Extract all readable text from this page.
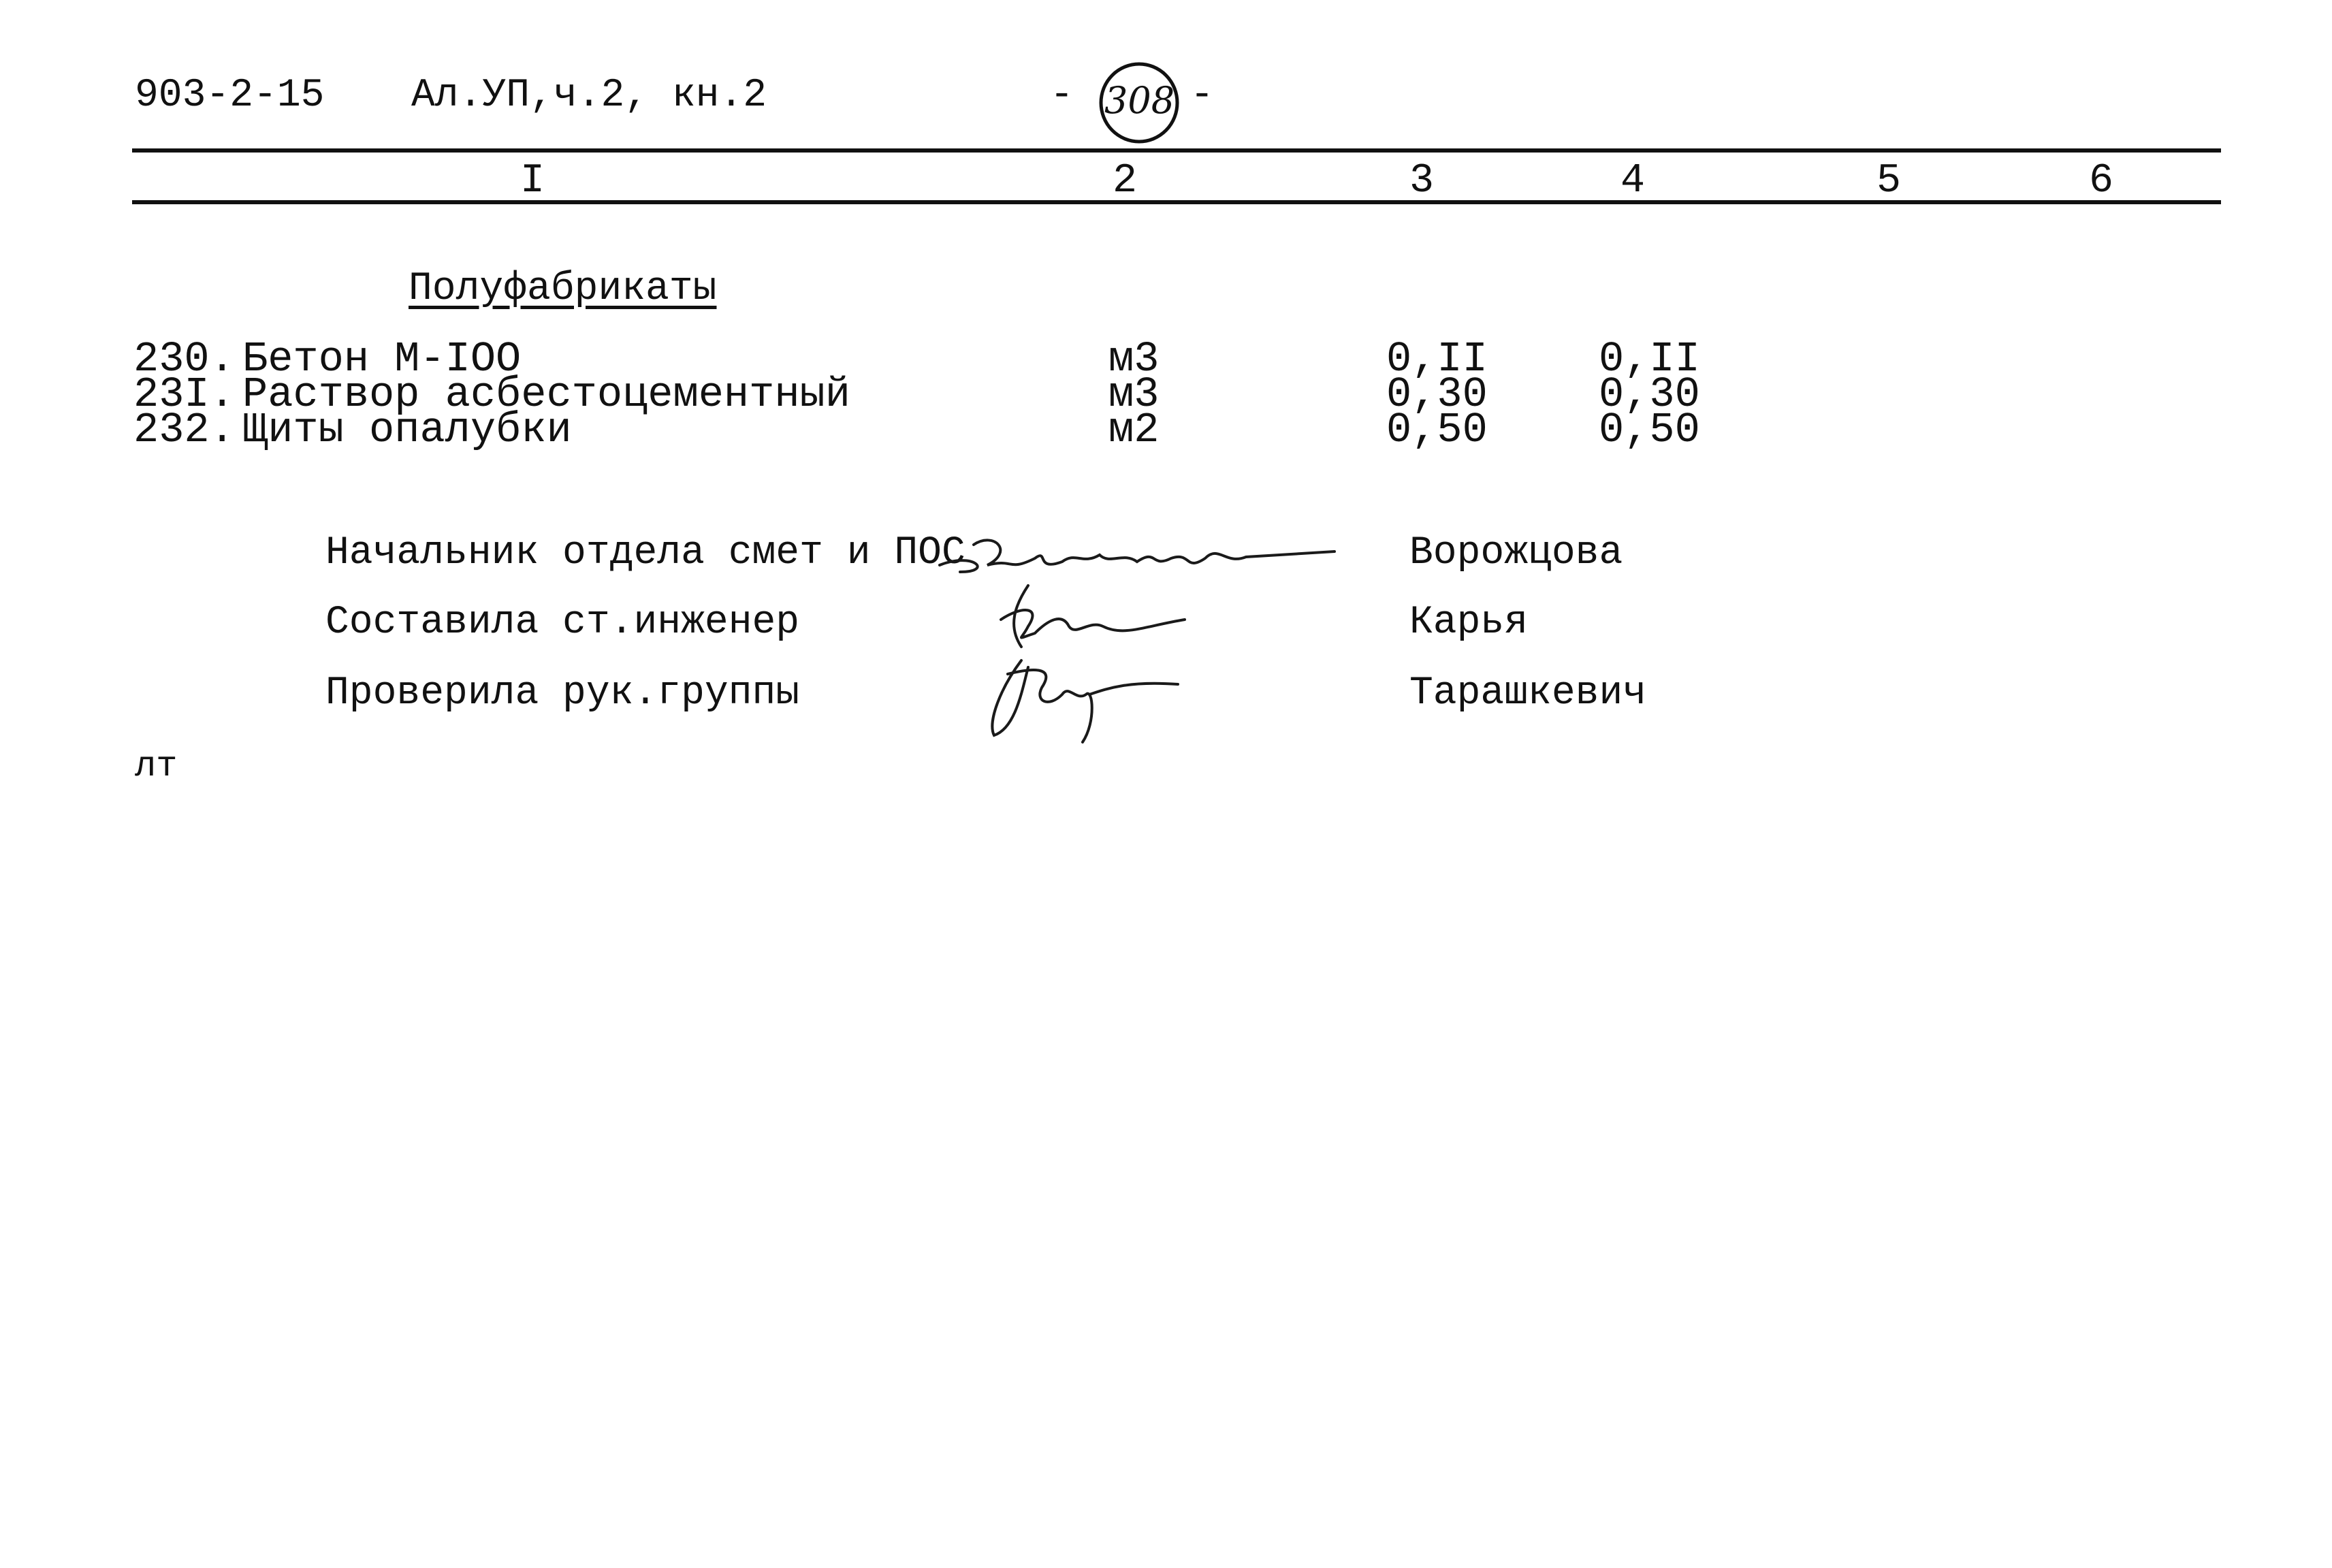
903-2-15 Ал.УП,ч.2, кн.2	- 308 -
I	2	3	4	5	6
Полуфабрикаты
230. Бетон М-IOO	м3	0,II	0,II
23I. Раствор асбестоцементный	м3	0,30	0,30
232. Щиты опалубки	м2	0,50	0,50
Начальник отдела смет и ПОС	Ворожцова
Составила ст.инженер	Карья
Проверила рук.группы	Тарашкевич
лт
